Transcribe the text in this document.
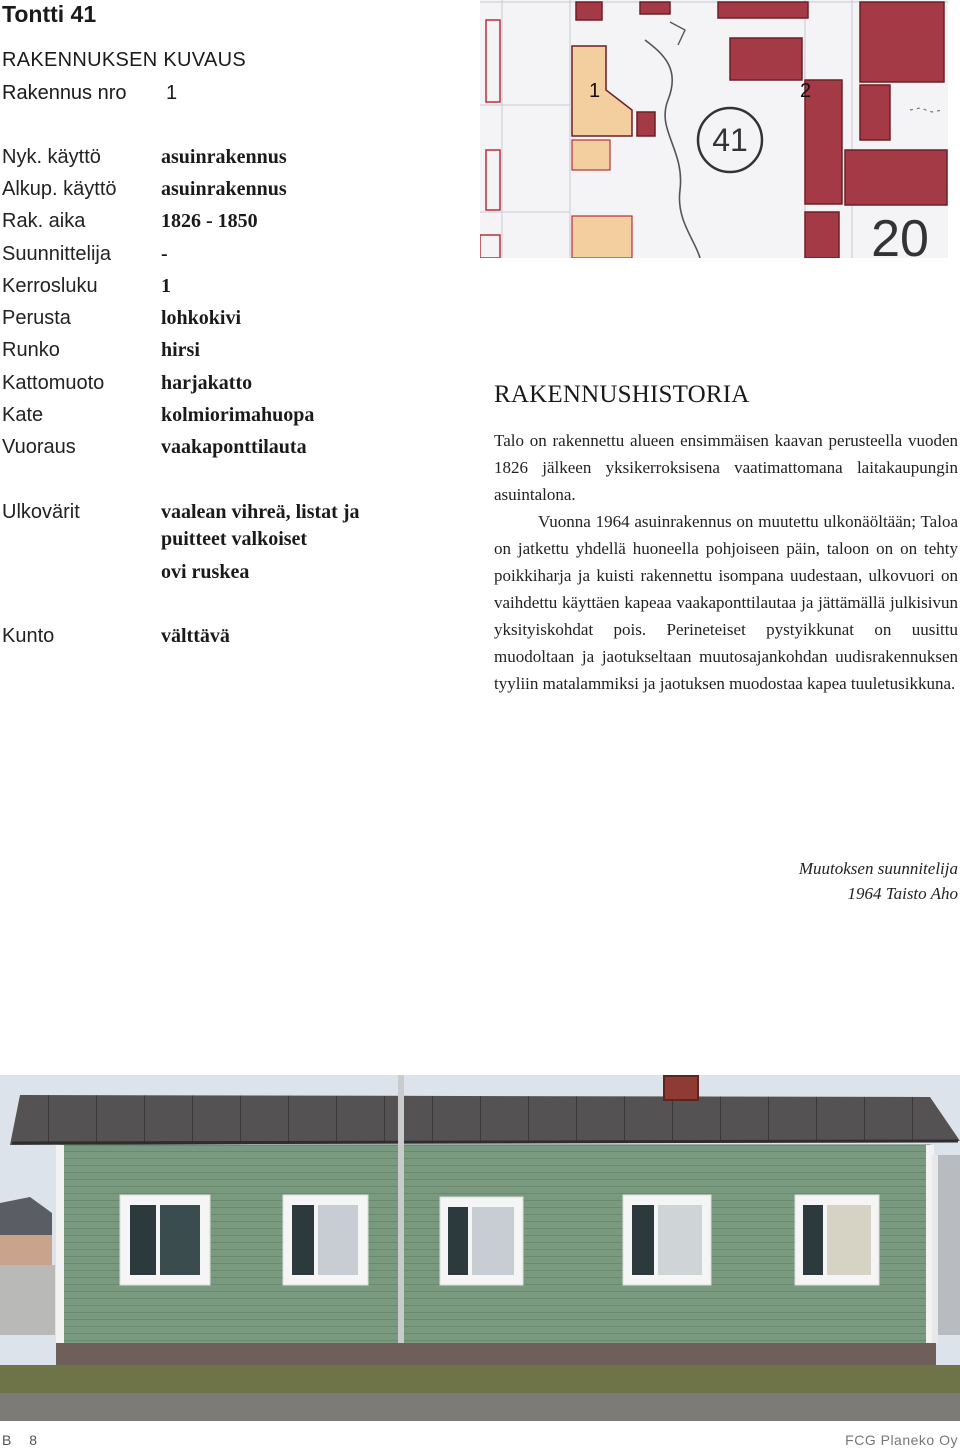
Tontti 41
RAKENNUKSEN KUVAUS
Rakennus nro 1
Nyk. käyttö	asuinrakennus
Alkup. käyttö asuinrakennus
Rak. aika	1826 - 1850
Suunnittelija	-
Kerrosluku	1
Perusta	lohkokivi
Runko	hirsi
Kattomuoto	harjakatto
Kate	kolmiorimahuopa
Vuoraus	vaakaponttilauta
Ulkovärit	vaalean vihreä, listat ja
puitteet valkoiset
ovi ruskea
Kunto	välttävä
41
20
1	2
RAKENNUSHISTORIA

Talo on rakennettu alueen ensimmäisen kaavan perusteella vuoden 1826 jälkeen yksikerroksisena vaatimattomana laitakaupungin asuintalona.

Vuonna 1964 asuinrakennus on muutettu ulkonäöltään; Taloa on jatkettu yhdellä huoneella pohjoiseen päin, taloon on on tehty poikkiharja ja kuisti rakennettu isompana uudestaan, ulkovuori on vaihdettu käyttäen kapeaa vaakaponttilautaa ja jättämällä julkisivun yksityiskohdat pois. Perineteiset pystyikkunat on uusittu muodoltaan ja jaotukseltaan muutosajankohdan uudisrakennuksen tyyliin matalammiksi ja jaotuksen muodostaa kapea tuuletusikkuna.

Muutoksen suunnitelija
1964 Taisto Aho
B 8	FCG Planeko Oy
